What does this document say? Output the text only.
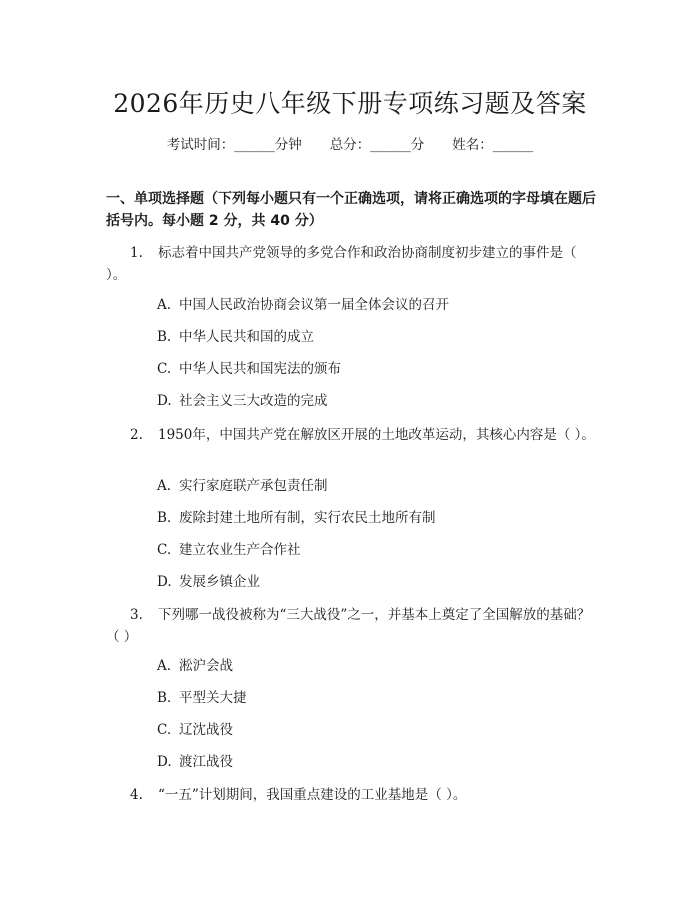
2026年历史八年级下册专项练习题及答案
考试时间：______分钟 总分：______分 姓名：______
一、单项选择题（下列每小题只有一个正确选项，请将正确选项的字母填在题后括号内。每小题 2 分，共 40 分）
1. 标志着中国共产党领导的多党合作和政治协商制度初步建立的事件是（ ）。
A. 中国人民政治协商会议第一届全体会议的召开
B. 中华人民共和国的成立
C. 中华人民共和国宪法的颁布
D. 社会主义三大改造的完成
2. 1950年，中国共产党在解放区开展的土地改革运动，其核心内容是（ ）。
A. 实行家庭联产承包责任制
B. 废除封建土地所有制，实行农民土地所有制
C. 建立农业生产合作社
D. 发展乡镇企业
3. 下列哪一战役被称为“三大战役”之一，并基本上奠定了全国解放的基础？（ ）
A. 淞沪会战
B. 平型关大捷
C. 辽沈战役
D. 渡江战役
4. “一五”计划期间，我国重点建设的工业基地是（ ）。
